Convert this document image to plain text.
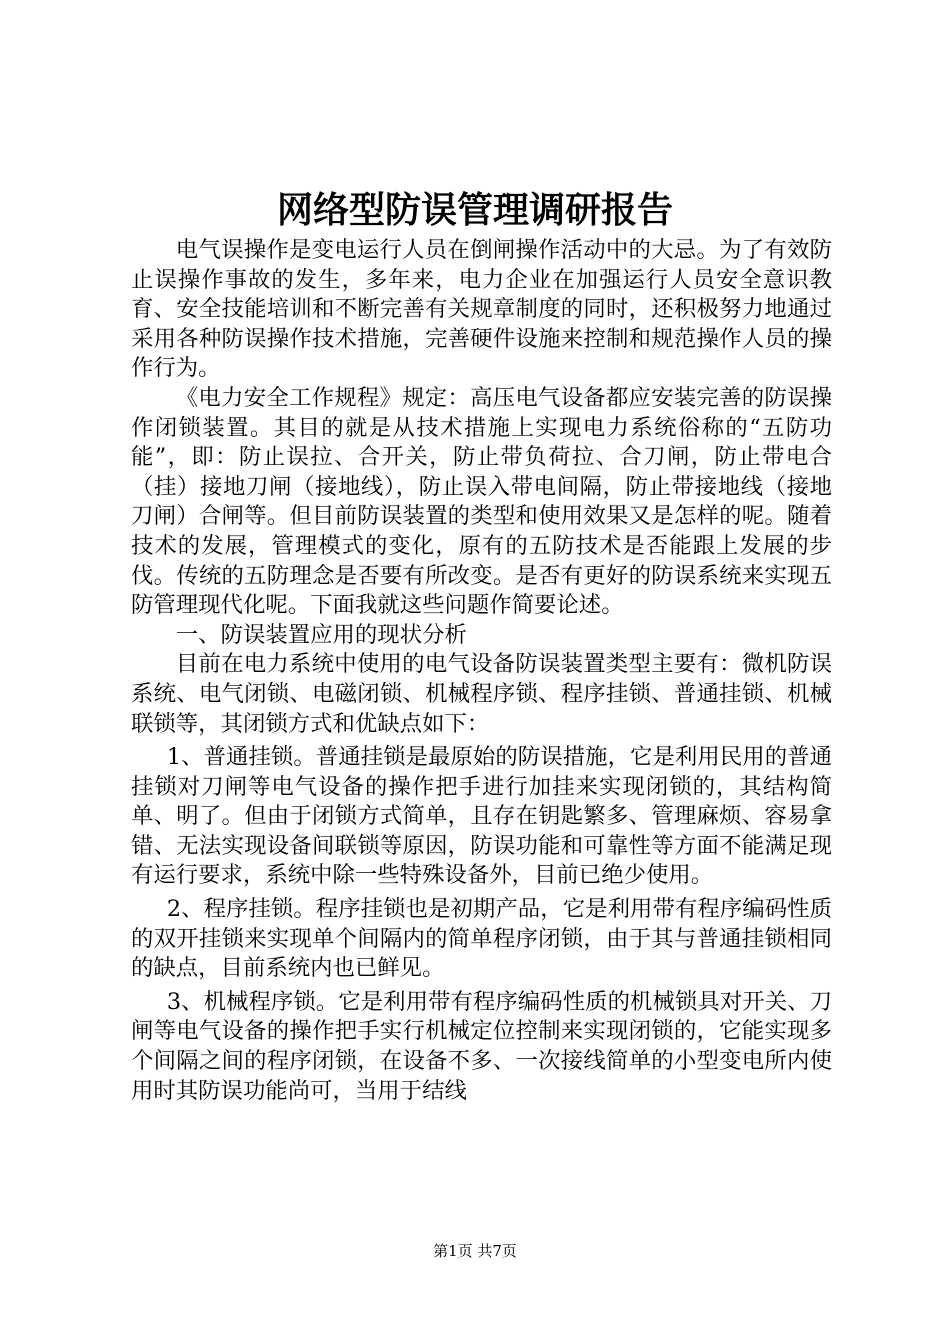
网络型防误管理调研报告

电气误操作是变电运行人员在倒闸操作活动中的大忌。为了有效防止误操作事故的发生，多年来，电力企业在加强运行人员安全意识教育、安全技能培训和不断完善有关规章制度的同时，还积极努力地通过采用各种防误操作技术措施，完善硬件设施来控制和规范操作人员的操作行为。

《电力安全工作规程》规定：高压电气设备都应安装完善的防误操作闭锁装置。其目的就是从技术措施上实现电力系统俗称的“五防功能”，即：防止误拉、合开关，防止带负荷拉、合刀闸，防止带电合（挂）接地刀闸（接地线），防止误入带电间隔，防止带接地线（接地刀闸）合闸等。但目前防误装置的类型和使用效果又是怎样的呢。随着技术的发展，管理模式的变化，原有的五防技术是否能跟上发展的步伐。传统的五防理念是否要有所改变。是否有更好的防误系统来实现五防管理现代化呢。下面我就这些问题作简要论述。

一、防误装置应用的现状分析

目前在电力系统中使用的电气设备防误装置类型主要有：微机防误系统、电气闭锁、电磁闭锁、机械程序锁、程序挂锁、普通挂锁、机械联锁等，其闭锁方式和优缺点如下：

1、普通挂锁。普通挂锁是最原始的防误措施，它是利用民用的普通挂锁对刀闸等电气设备的操作把手进行加挂来实现闭锁的，其结构简单、明了。但由于闭锁方式简单，且存在钥匙繁多、管理麻烦、容易拿错、无法实现设备间联锁等原因，防误功能和可靠性等方面不能满足现有运行要求，系统中除一些特殊设备外，目前已绝少使用。

2、程序挂锁。程序挂锁也是初期产品，它是利用带有程序编码性质的双开挂锁来实现单个间隔内的简单程序闭锁，由于其与普通挂锁相同的缺点，目前系统内也已鲜见。

3、机械程序锁。它是利用带有程序编码性质的机械锁具对开关、刀闸等电气设备的操作把手实行机械定位控制来实现闭锁的，它能实现多个间隔之间的程序闭锁，在设备不多、一次接线简单的小型变电所内使用时其防误功能尚可，当用于结线

第1页 共7页
